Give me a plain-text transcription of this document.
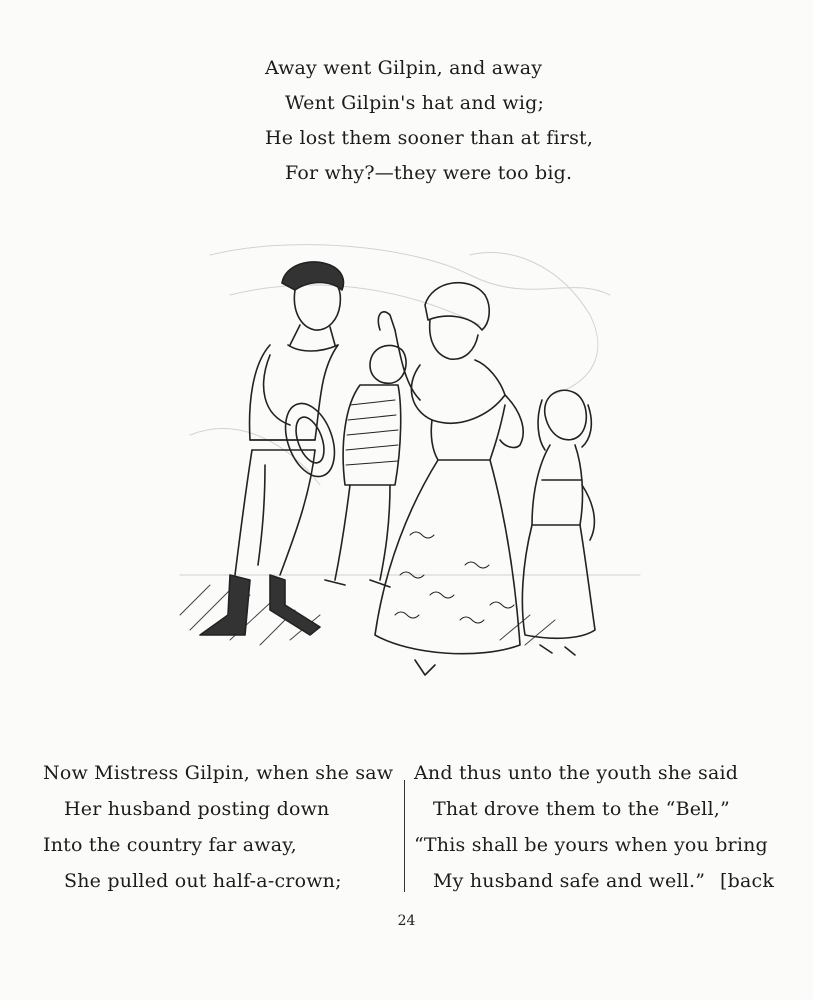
Away went Gilpin, and away
Went Gilpin's hat and wig;
He lost them sooner than at first,
For why?—they were too big.
Now Mistress Gilpin, when she saw
Her husband posting down
Into the country far away,
She pulled out half-a-crown;
And thus unto the youth she said
That drove them to the “Bell,”
“This shall be yours when you bring
My husband safe and well.” [back
24
